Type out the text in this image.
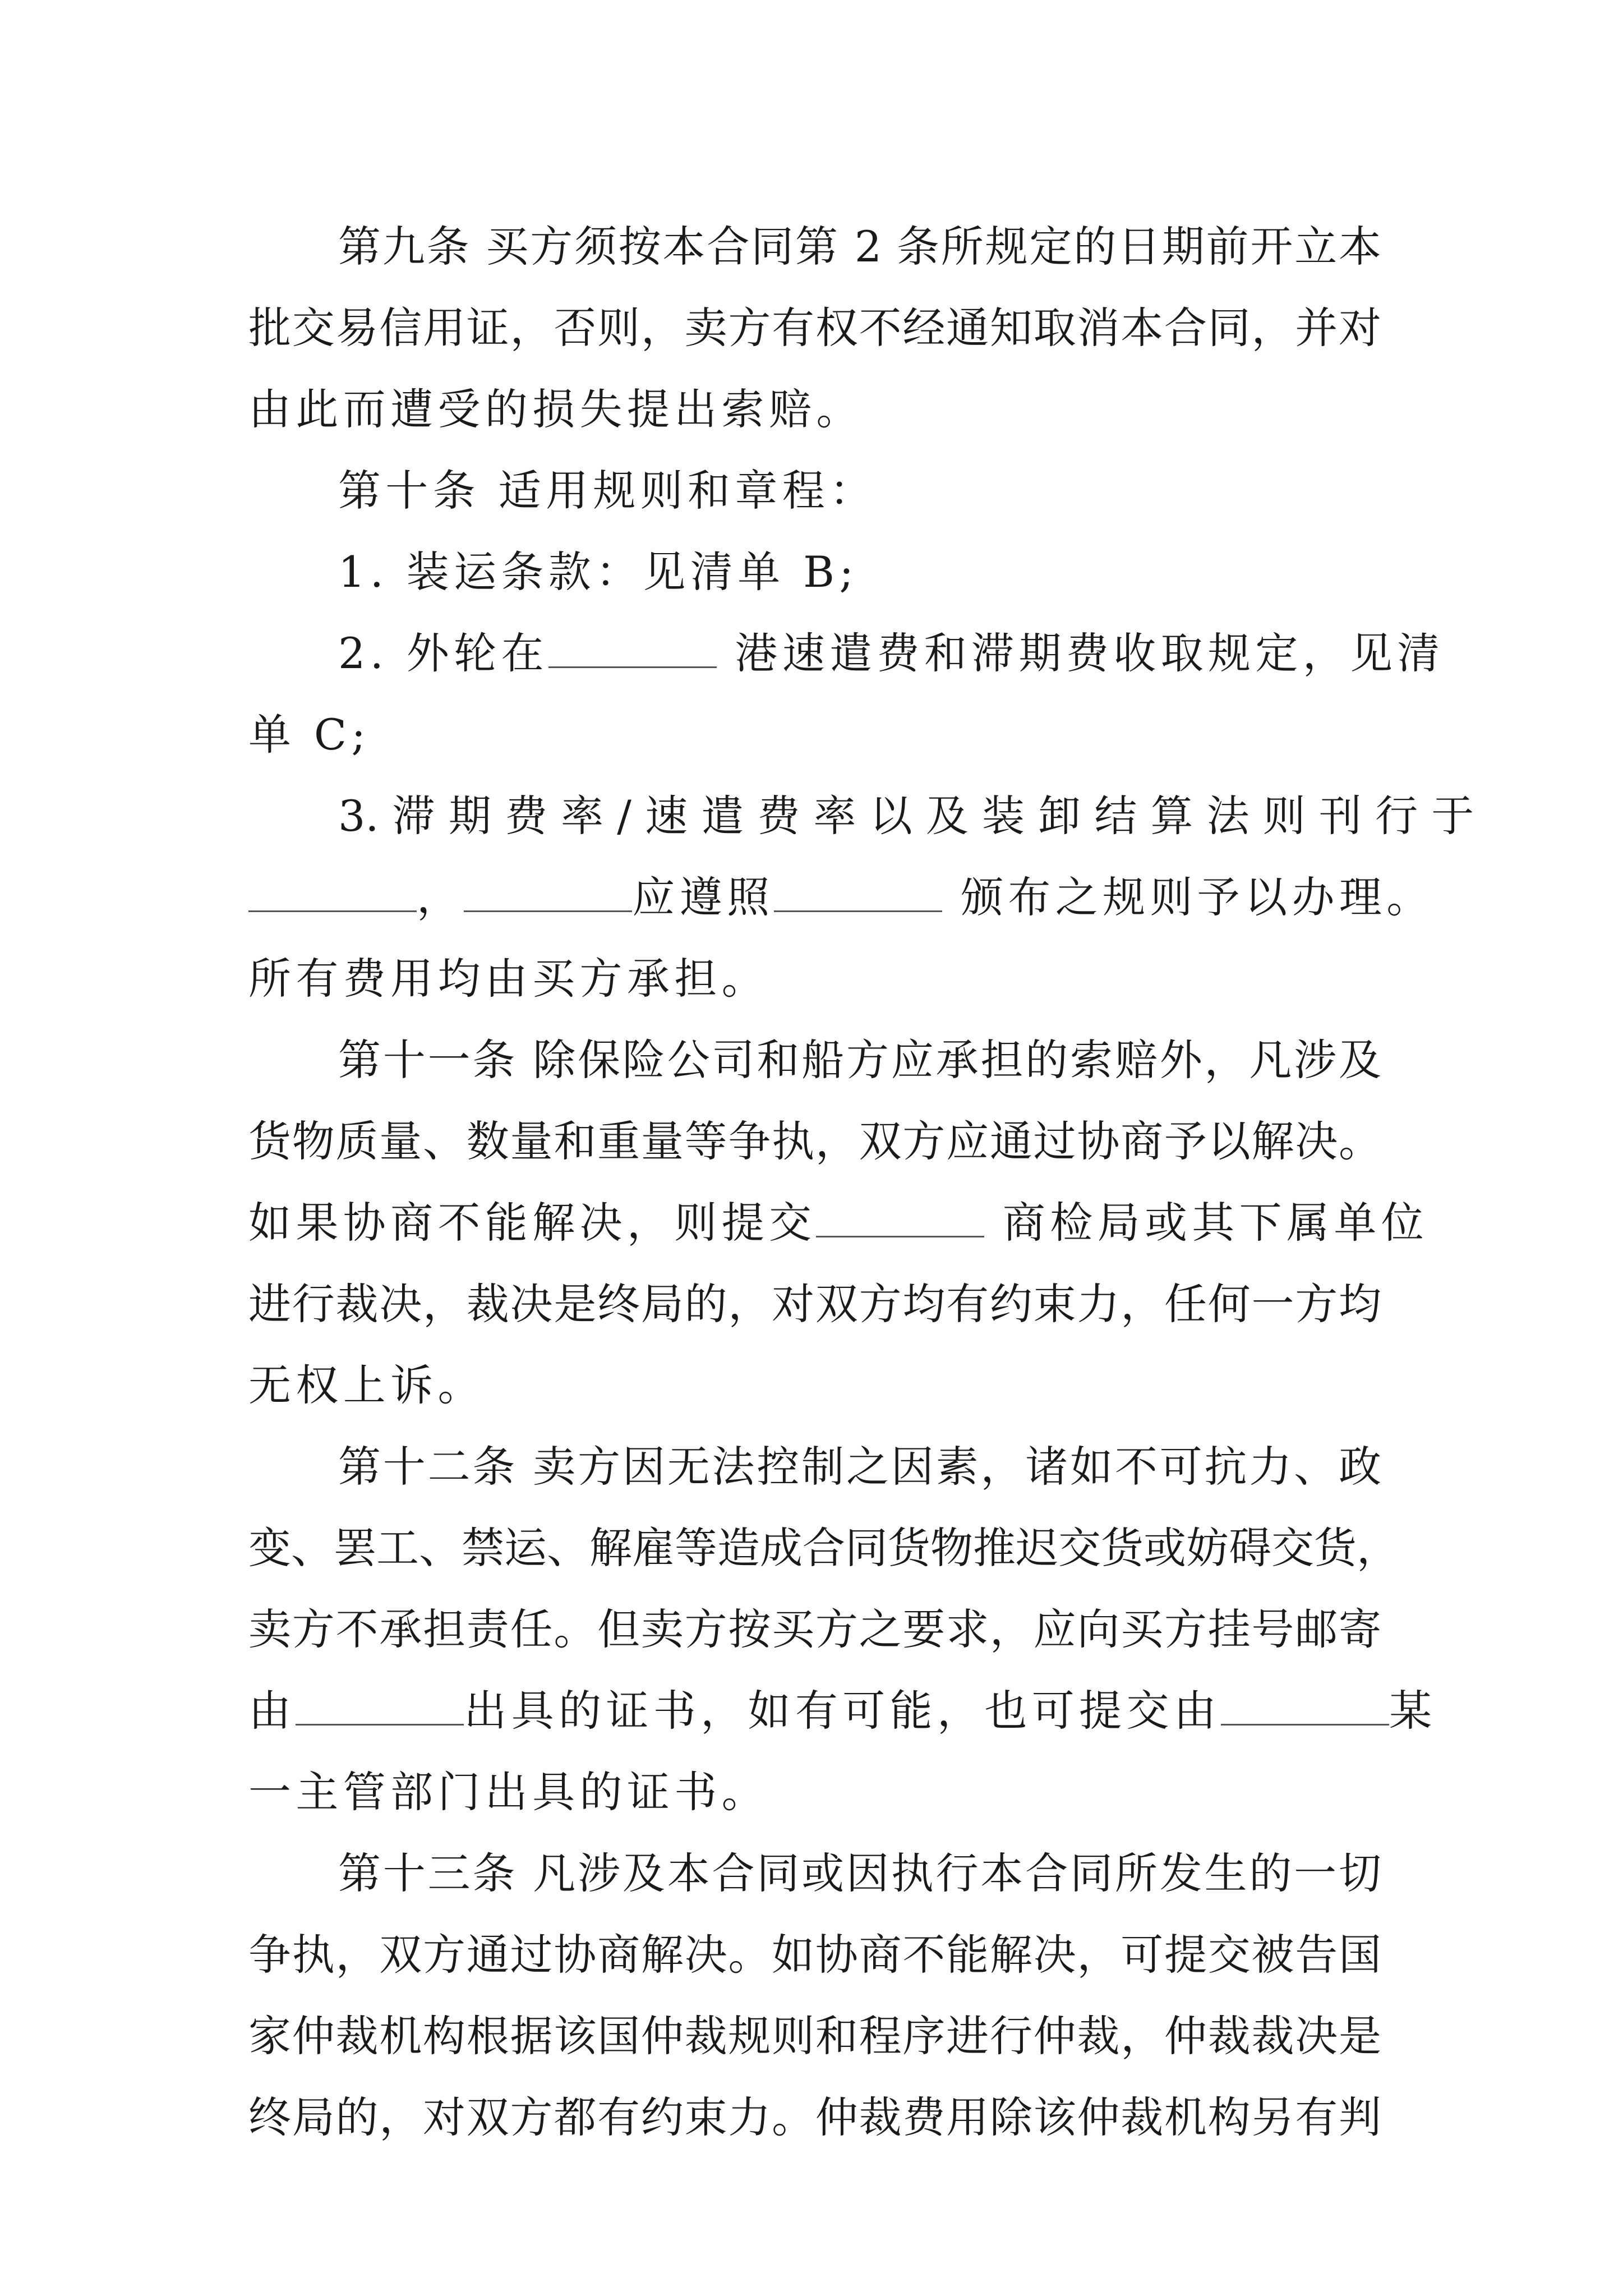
第九条 买方须按本合同第 2 条所规定的日期前开立本
批交易信用证，否则，卖方有权不经通知取消本合同，并对
由此而遭受的损失提出索赔。
第十条 适用规则和章程：
1. 装运条款：见清单 B;
2. 外轮在	港速遣费和滞期费收取规定，见清
单 C;
3. 滞 期 费 率 / 速 遣 费 率 以 及 装 卸 结 算 法 则 刊 行 于
，	应遵照	颁布之规则予以办理。
所有费用均由买方承担。
第十一条 除保险公司和船方应承担的索赔外，凡涉及
货物质量、数量和重量等争执，双方应通过协商予以解决。
如果协商不能解决，则提交	商检局或其下属单位
进行裁决，裁决是终局的，对双方均有约束力，任何一方均
无权上诉。
第十二条 卖方因无法控制之因素，诸如不可抗力、政
变、罢工、禁运、解雇等造成合同货物推迟交货或妨碍交货，
卖方不承担责任。但卖方按买方之要求，应向买方挂号邮寄
由	出具的证书，如有可能，也可提交由	某
一主管部门出具的证书。
第十三条 凡涉及本合同或因执行本合同所发生的一切
争执，双方通过协商解决。如协商不能解决，可提交被告国
家仲裁机构根据该国仲裁规则和程序进行仲裁，仲裁裁决是
终局的，对双方都有约束力。仲裁费用除该仲裁机构另有判
